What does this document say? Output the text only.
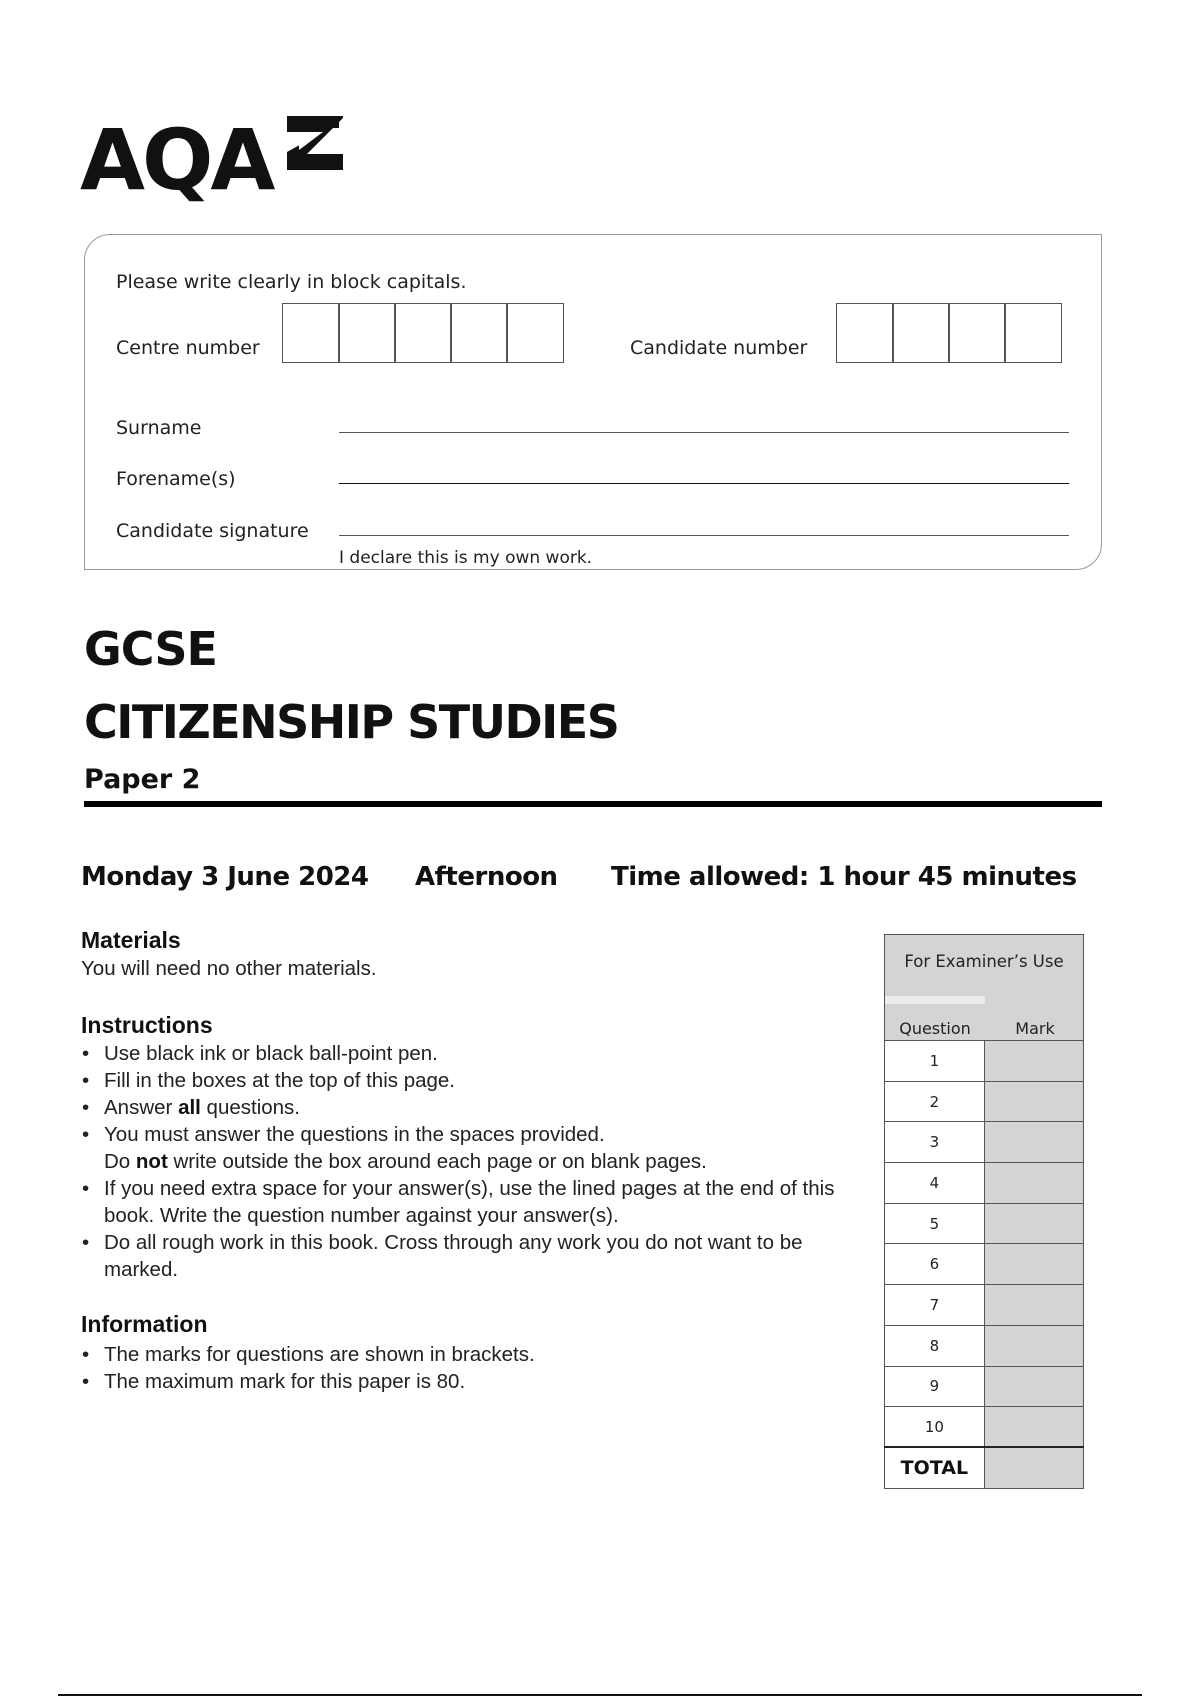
AQA
Please write clearly in block capitals.
Centre number	Candidate number
Surname
Forename(s)
Candidate signature
I declare this is my own work.
GCSE
CITIZENSHIP STUDIES
Paper 2
Monday 3 June 2024 Afternoon Time allowed: 1 hour 45 minutes
Materials
You will need no other materials.
Instructions
• Use black ink or black ball-point pen.
• Fill in the boxes at the top of this page.
• Answer all questions.
• You must answer the questions in the spaces provided.
Do not write outside the box around each page or on blank pages.
• If you need extra space for your answer(s), use the lined pages at the end of this book. Write the question number against your answer(s).
• Do all rough work in this book. Cross through any work you do not want to be marked.
Information
• The marks for questions are shown in brackets.
• The maximum mark for this paper is 80.
For Examiner’s Use
Question Mark	

1	
2	
3	
4	
5	
6	
7	
8	
9	
10	
TOTAL	
